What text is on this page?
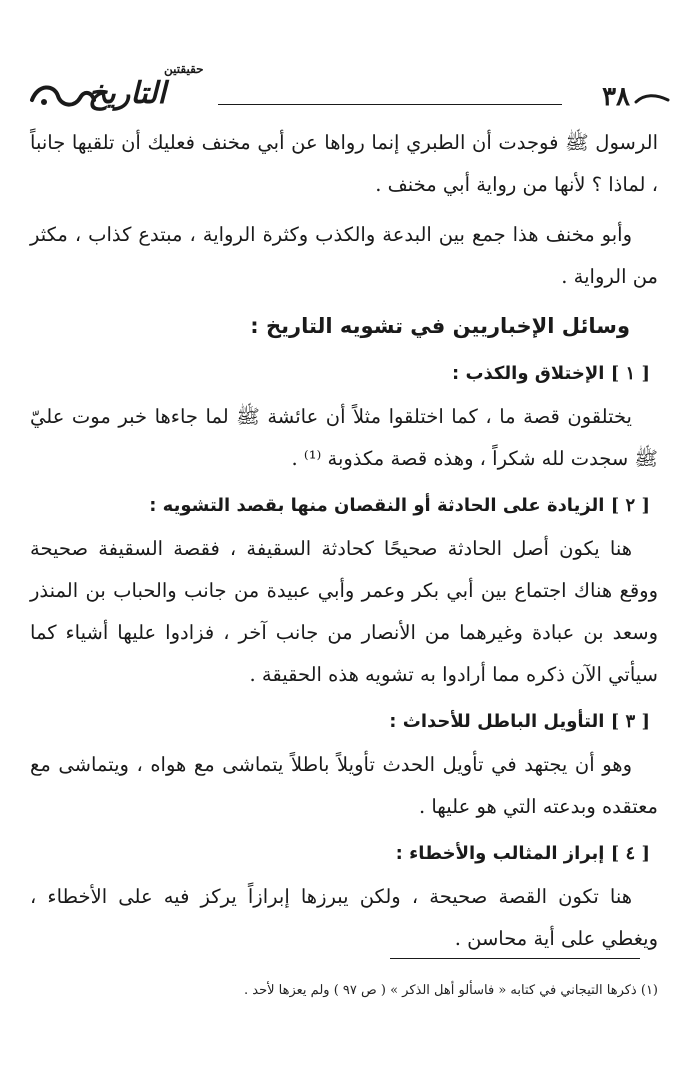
حقيقتين
التاريخ	٣٨

الرسول ﷺ فوجدت أن الطبري إنما رواها عن أبي مخنف فعليك أن تلقيها جانباً ، لماذا ؟ لأنها من رواية أبي مخنف .

وأبو مخنف هذا جمع بين البدعة والكذب وكثرة الرواية ، مبتدع كذاب ، مكثر من الرواية .

وسائل الإخباريين في تشويه التاريخ :
[ ١ ] الإختلاق والكذب :

يختلقون قصة ما ، كما اختلقوا مثلاً أن عائشة ﷺ لما جاءها خبر موت عليّ ﷺ سجدت لله شكراً ، وهذه قصة مكذوبة ⁽¹⁾ .

[ ٢ ] الزيادة على الحادثة أو النقصان منها بقصد التشويه :

هنا يكون أصل الحادثة صحيحًا كحادثة السقيفة ، فقصة السقيفة صحيحة ووقع هناك اجتماع بين أبي بكر وعمر وأبي عبيدة من جانب والحباب بن المنذر وسعد بن عبادة وغيرهما من الأنصار من جانب آخر ، فزادوا عليها أشياء كما سيأتي الآن ذكره مما أرادوا به تشويه هذه الحقيقة .

[ ٣ ] التأويل الباطل للأحداث :

وهو أن يجتهد في تأويل الحدث تأويلاً باطلاً يتماشى مع هواه ، ويتماشى مع معتقده وبدعته التي هو عليها .

[ ٤ ] إبراز المثالب والأخطاء :

هنا تكون القصة صحيحة ، ولكن يبرزها إبرازاً يركز فيه على الأخطاء ، ويغطي على أية محاسن .

(١) ذكرها التيجاني في كتابه « فاسألو أهل الذكر » ( ص ٩٧ ) ولم يعزها لأحد .
